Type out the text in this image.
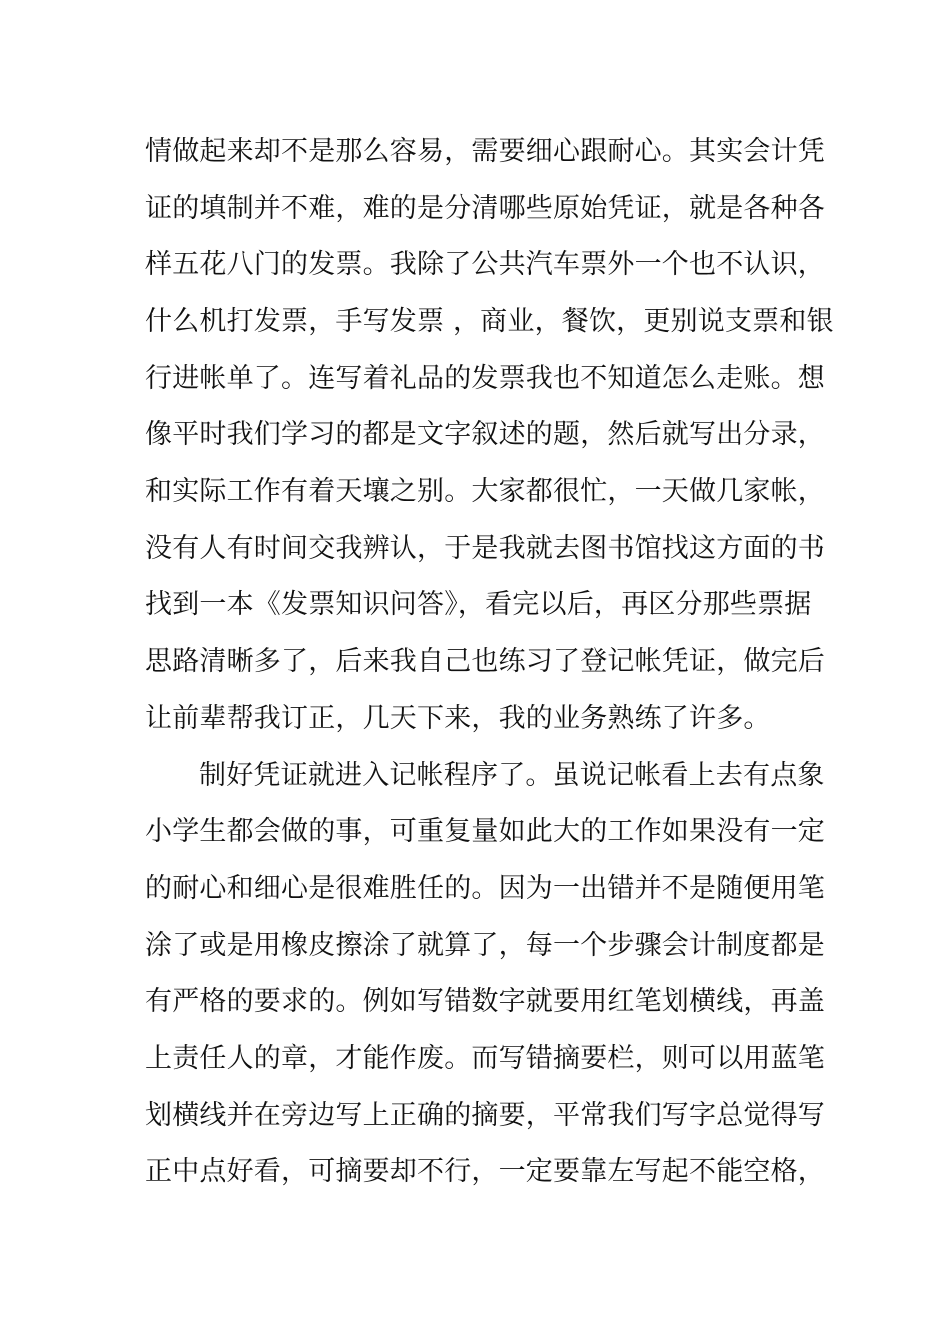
情做起来却不是那么容易，需要细心跟耐心。其实会计凭
证的填制并不难，难的是分清哪些原始凭证，就是各种各
样五花八门的发票。我除了公共汽车票外一个也不认识，
什么机打发票，手写发票 ，商业，餐饮，更别说支票和银
行进帐单了。连写着礼品的发票我也不知道怎么走账。想
像平时我们学习的都是文字叙述的题，然后就写出分录，
和实际工作有着天壤之别。大家都很忙，一天做几家帐，
没有人有时间交我辨认，于是我就去图书馆找这方面的书
找到一本《发票知识问答》，看完以后，再区分那些票据
思路清晰多了，后来我自己也练习了登记帐凭证，做完后
让前辈帮我订正，几天下来，我的业务熟练了许多。
制好凭证就进入记帐程序了。虽说记帐看上去有点象
小学生都会做的事，可重复量如此大的工作如果没有一定
的耐心和细心是很难胜任的。因为一出错并不是随便用笔
涂了或是用橡皮擦涂了就算了，每一个步骤会计制度都是
有严格的要求的。例如写错数字就要用红笔划横线，再盖
上责任人的章，才能作废。而写错摘要栏，则可以用蓝笔
划横线并在旁边写上正确的摘要，平常我们写字总觉得写
正中点好看，可摘要却不行，一定要靠左写起不能空格，
